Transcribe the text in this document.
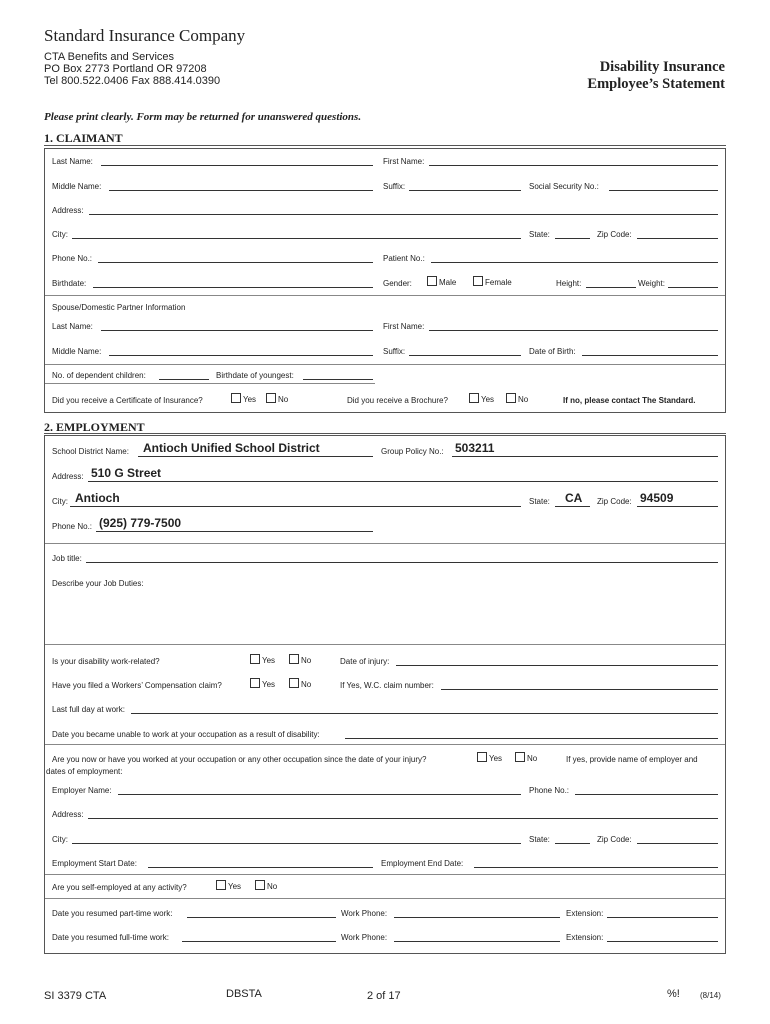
Standard Insurance Company
CTA Benefits and Services
PO Box 2773 Portland OR 97208
Tel 800.522.0406 Fax 888.414.0390
Disability Insurance
Employee’s Statement
Please print clearly. Form may be returned for unanswered questions.
1. CLAIMANT
Last Name:	First Name:
Middle Name:	Suffix:	Social Security No.:
Address:
City:	State:	Zip Code:
Phone No.:	Patient No.:
Birthdate:	Gender:	Male	Female	Height:	Weight:
Spouse/Domestic Partner Information
Last Name:	First Name:
Middle Name:	Suffix:	Date of Birth:
No. of dependent children:	Birthdate of youngest:
Did you receive a Certificate of Insurance?	Yes	No	Did you receive a Brochure?	Yes	No	If no, please contact The Standard.
2. EMPLOYMENT
School District Name: Antioch Unified School District	Group Policy No.: 503211
Address: 510 G Street
City: Antioch	State: CA Zip Code: 94509
Phone No.: (925) 779-7500
Job title:
Describe your Job Duties:
Is your disability work-related?	Yes	No	Date of injury:
Have you filed a Workers’ Compensation claim?	Yes	No	If Yes, W.C. claim number:
Last full day at work:
Date you became unable to work at your occupation as a result of disability:
Are you now or have you worked at your occupation or any other occupation since the date of your injury?	Yes	No	If yes, provide name of employer and
dates of employment:
Employer Name:	Phone No.:
Address:
City:	State:	Zip Code:
Employment Start Date:	Employment End Date:
Are you self-employed at any activity?	Yes	No
Date you resumed part-time work:	Work Phone:	Extension:
Date you resumed full-time work:	Work Phone:	Extension:
SI 3379 CTA	DBSTA	2 of 17	%!	(8/14)
